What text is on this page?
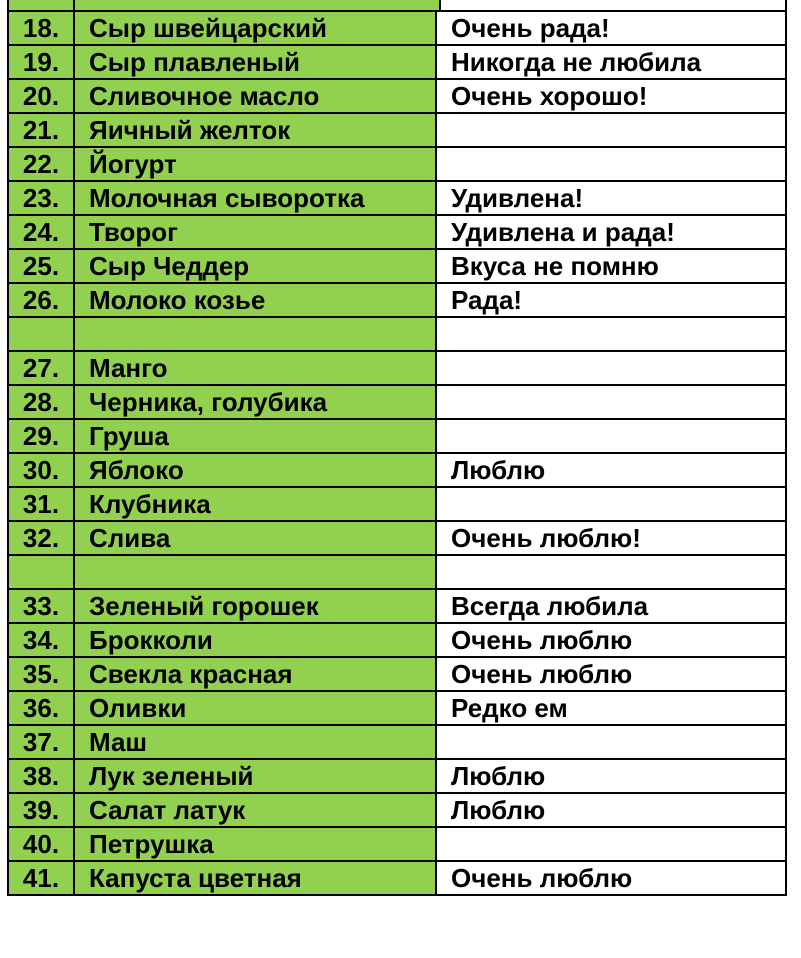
18.	Сыр швейцарский	Очень рада!
19.	Сыр плавленый	Никогда не любила
20.	Сливочное масло	Очень хорошо!
21.	Яичный желток	
22.	Йогурт	
23.	Молочная сыворотка	Удивлена!
24.	Творог	Удивлена и рада!
25.	Сыр Чеддер	Вкуса не помню
26.	Молоко козье	Рада!

27.	Манго	
28.	Черника, голубика	
29.	Груша	
30.	Яблоко	Люблю
31.	Клубника	
32.	Слива	Очень люблю!

33.	Зеленый горошек	Всегда любила
34.	Брокколи	Очень люблю
35.	Свекла красная	Очень люблю
36.	Оливки	Редко ем
37.	Маш	
38.	Лук зеленый	Люблю
39.	Салат латук	Люблю
40.	Петрушка	
41.	Капуста цветная	Очень люблю
